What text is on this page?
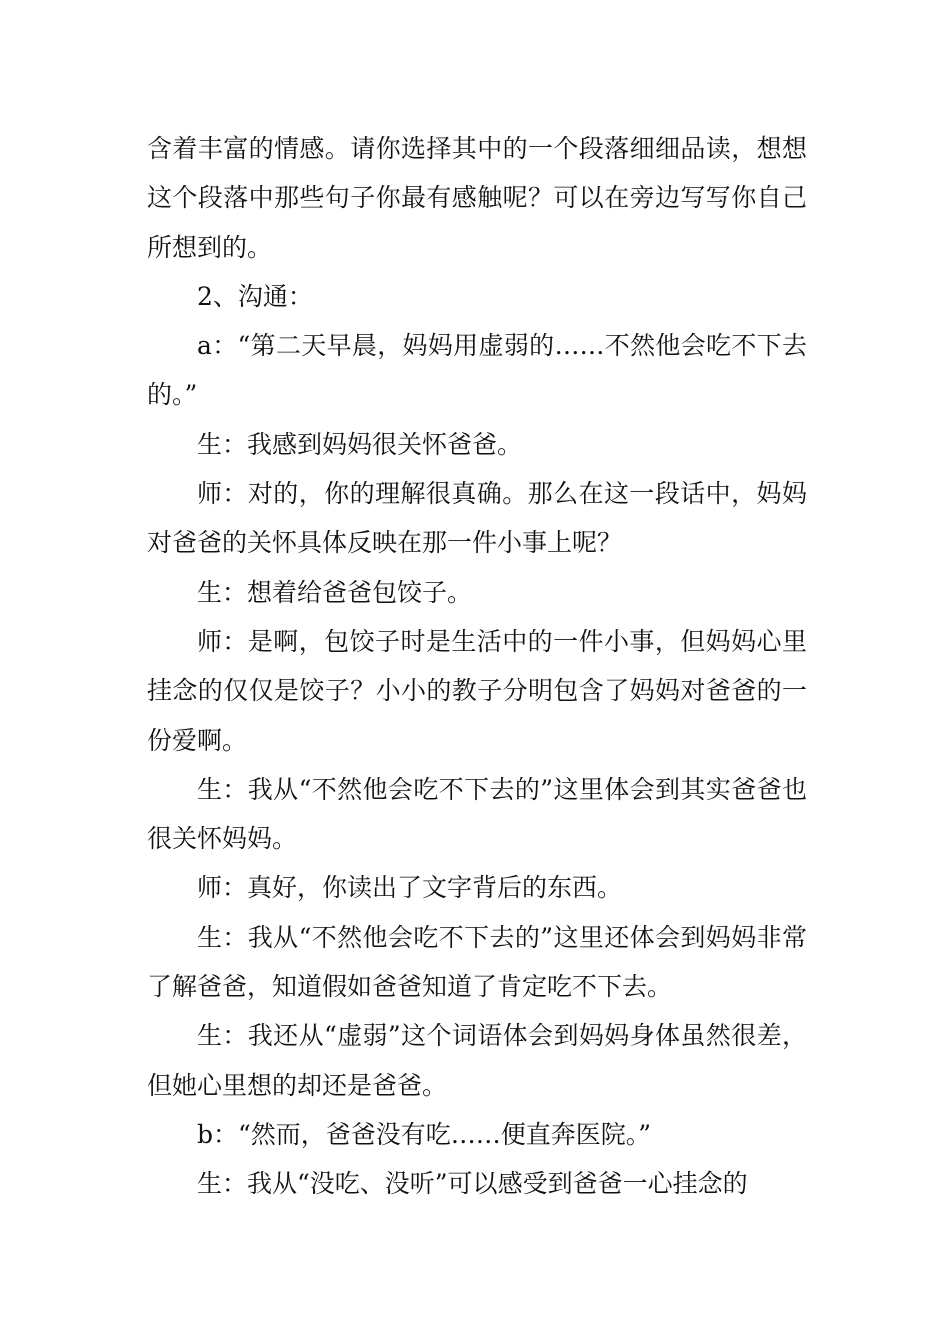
含着丰富的情感。请你选择其中的一个段落细细品读，想想这个段落中那些句子你最有感触呢？可以在旁边写写你自己所想到的。

2、沟通：

a：“第二天早晨，妈妈用虚弱的……不然他会吃不下去的。”

生：我感到妈妈很关怀爸爸。

师：对的，你的理解很真确。那么在这一段话中，妈妈对爸爸的关怀具体反映在那一件小事上呢？

生：想着给爸爸包饺子。

师：是啊，包饺子时是生活中的一件小事，但妈妈心里挂念的仅仅是饺子？小小的教子分明包含了妈妈对爸爸的一份爱啊。

生：我从“不然他会吃不下去的”这里体会到其实爸爸也很关怀妈妈。

师：真好，你读出了文字背后的东西。

生：我从“不然他会吃不下去的”这里还体会到妈妈非常了解爸爸，知道假如爸爸知道了肯定吃不下去。

生：我还从“虚弱”这个词语体会到妈妈身体虽然很差，但她心里想的却还是爸爸。

b：“然而，爸爸没有吃……便直奔医院。”

生：我从“没吃、没听”可以感受到爸爸一心挂念的
